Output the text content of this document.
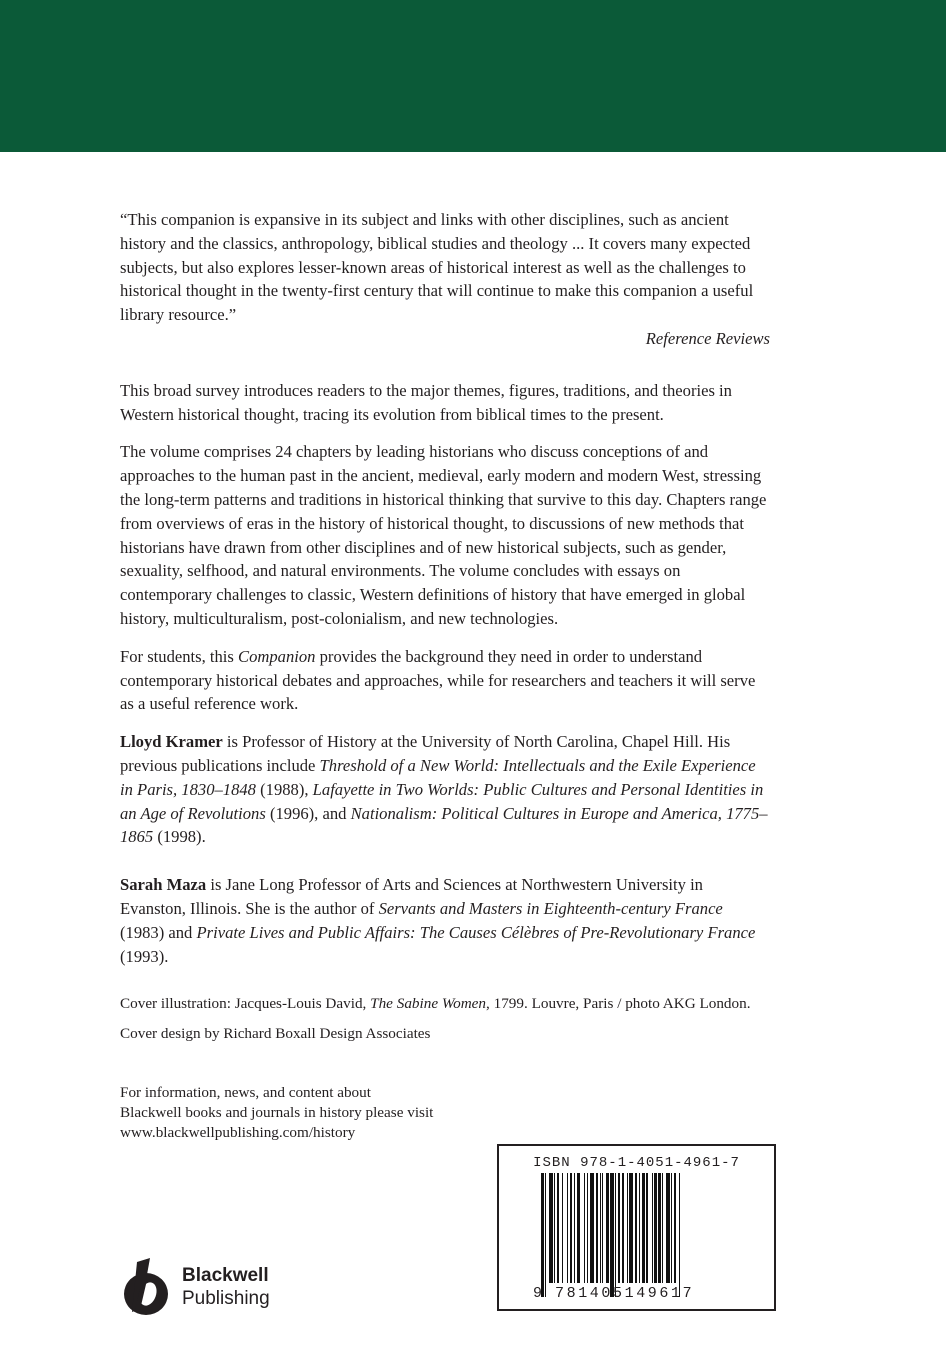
“This companion is expansive in its subject and links with other disciplines, such as ancient history and the classics, anthropology, biblical studies and theology ... It covers many expected subjects, but also explores lesser-known areas of historical interest as well as the challenges to historical thought in the twenty-first century that will continue to make this companion a useful library resource.”

Reference Reviews

This broad survey introduces readers to the major themes, figures, traditions, and theories in Western historical thought, tracing its evolution from biblical times to the present.

The volume comprises 24 chapters by leading historians who discuss conceptions of and approaches to the human past in the ancient, medieval, early modern and modern West, stressing the long-term patterns and traditions in historical thinking that survive to this day. Chapters range from overviews of eras in the history of historical thought, to discussions of new methods that historians have drawn from other disciplines and of new historical subjects, such as gender, sexuality, selfhood, and natural environments. The volume concludes with essays on contemporary challenges to classic, Western definitions of history that have emerged in global history, multiculturalism, post-colonialism, and new technologies.

For students, this Companion provides the background they need in order to understand contemporary historical debates and approaches, while for researchers and teachers it will serve as a useful reference work.

Lloyd Kramer is Professor of History at the University of North Carolina, Chapel Hill. His previous publications include Threshold of a New World: Intellectuals and the Exile Experience in Paris, 1830–1848 (1988), Lafayette in Two Worlds: Public Cultures and Personal Identities in an Age of Revolutions (1996), and Nationalism: Political Cultures in Europe and America, 1775–1865 (1998).

Sarah Maza is Jane Long Professor of Arts and Sciences at Northwestern University in Evanston, Illinois. She is the author of Servants and Masters in Eighteenth-century France (1983) and Private Lives and Public Affairs: The Causes Célèbres of Pre-Revolutionary France (1993).

Cover illustration: Jacques-Louis David, The Sabine Women, 1799. Louvre, Paris / photo AKG London.

Cover design by Richard Boxall Design Associates

For information, news, and content about
Blackwell books and journals in history please visit
www.blackwellpublishing.com/history
ISBN 978-1-4051-4961-7
9 781405149617
Blackwell
Publishing
